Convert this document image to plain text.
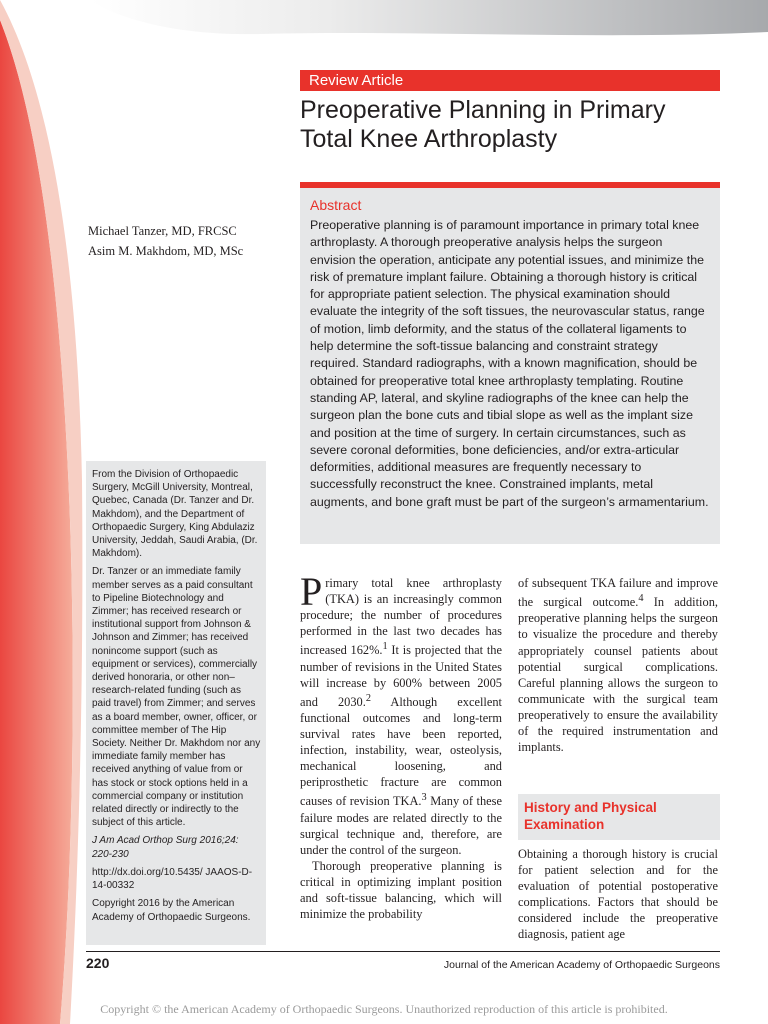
Review Article
Preoperative Planning in Primary Total Knee Arthroplasty
Michael Tanzer, MD, FRCSC
Asim M. Makhdom, MD, MSc
Abstract
Preoperative planning is of paramount importance in primary total knee arthroplasty. A thorough preoperative analysis helps the surgeon envision the operation, anticipate any potential issues, and minimize the risk of premature implant failure. Obtaining a thorough history is critical for appropriate patient selection. The physical examination should evaluate the integrity of the soft tissues, the neurovascular status, range of motion, limb deformity, and the status of the collateral ligaments to help determine the soft-tissue balancing and constraint strategy required. Standard radiographs, with a known magnification, should be obtained for preoperative total knee arthroplasty templating. Routine standing AP, lateral, and skyline radiographs of the knee can help the surgeon plan the bone cuts and tibial slope as well as the implant size and position at the time of surgery. In certain circumstances, such as severe coronal deformities, bone deficiencies, and/or extra-articular deformities, additional measures are frequently necessary to successfully reconstruct the knee. Constrained implants, metal augments, and bone graft must be part of the surgeon’s armamentarium.

From the Division of Orthopaedic Surgery, McGill University, Montreal, Quebec, Canada (Dr. Tanzer and Dr. Makhdom), and the Department of Orthopaedic Surgery, King Abdulaziz University, Jeddah, Saudi Arabia, (Dr. Makhdom).

Dr. Tanzer or an immediate family member serves as a paid consultant to Pipeline Biotechnology and Zimmer; has received research or institutional support from Johnson & Johnson and Zimmer; has received nonincome support (such as equipment or services), commercially derived honoraria, or other non–research-related funding (such as paid travel) from Zimmer; and serves as a board member, owner, officer, or committee member of The Hip Society. Neither Dr. Makhdom nor any immediate family member has received anything of value from or has stock or stock options held in a commercial company or institution related directly or indirectly to the subject of this article.

J Am Acad Orthop Surg 2016;24: 220-230

http://dx.doi.org/10.5435/ JAAOS-D-14-00332

Copyright 2016 by the American Academy of Orthopaedic Surgeons.

Primary total knee arthroplasty (TKA) is an increasingly common procedure; the number of procedures performed in the last two decades has increased 162%.$^1$ It is projected that the number of revisions in the United States will increase by 600% between 2005 and 2030.$^2$ Although excellent functional outcomes and long-term survival rates have been reported, infection, instability, wear, osteolysis, mechanical loosening, and periprosthetic fracture are common causes of revision TKA.$^3$ Many of these failure modes are related directly to the surgical technique and, therefore, are under the control of the surgeon.

Thorough preoperative planning is critical in optimizing implant position and soft-tissue balancing, which will minimize the probability

of subsequent TKA failure and improve the surgical outcome.$^4$ In addition, preoperative planning helps the surgeon to visualize the procedure and thereby appropriately counsel patients about potential surgical complications. Careful planning allows the surgeon to communicate with the surgical team preoperatively to ensure the availability of the required instrumentation and implants.

History and Physical Examination

Obtaining a thorough history is crucial for patient selection and for the evaluation of potential postoperative complications. Factors that should be considered include the preoperative diagnosis, patient age

220	Journal of the American Academy of Orthopaedic Surgeons
Copyright © the American Academy of Orthopaedic Surgeons. Unauthorized reproduction of this article is prohibited.
